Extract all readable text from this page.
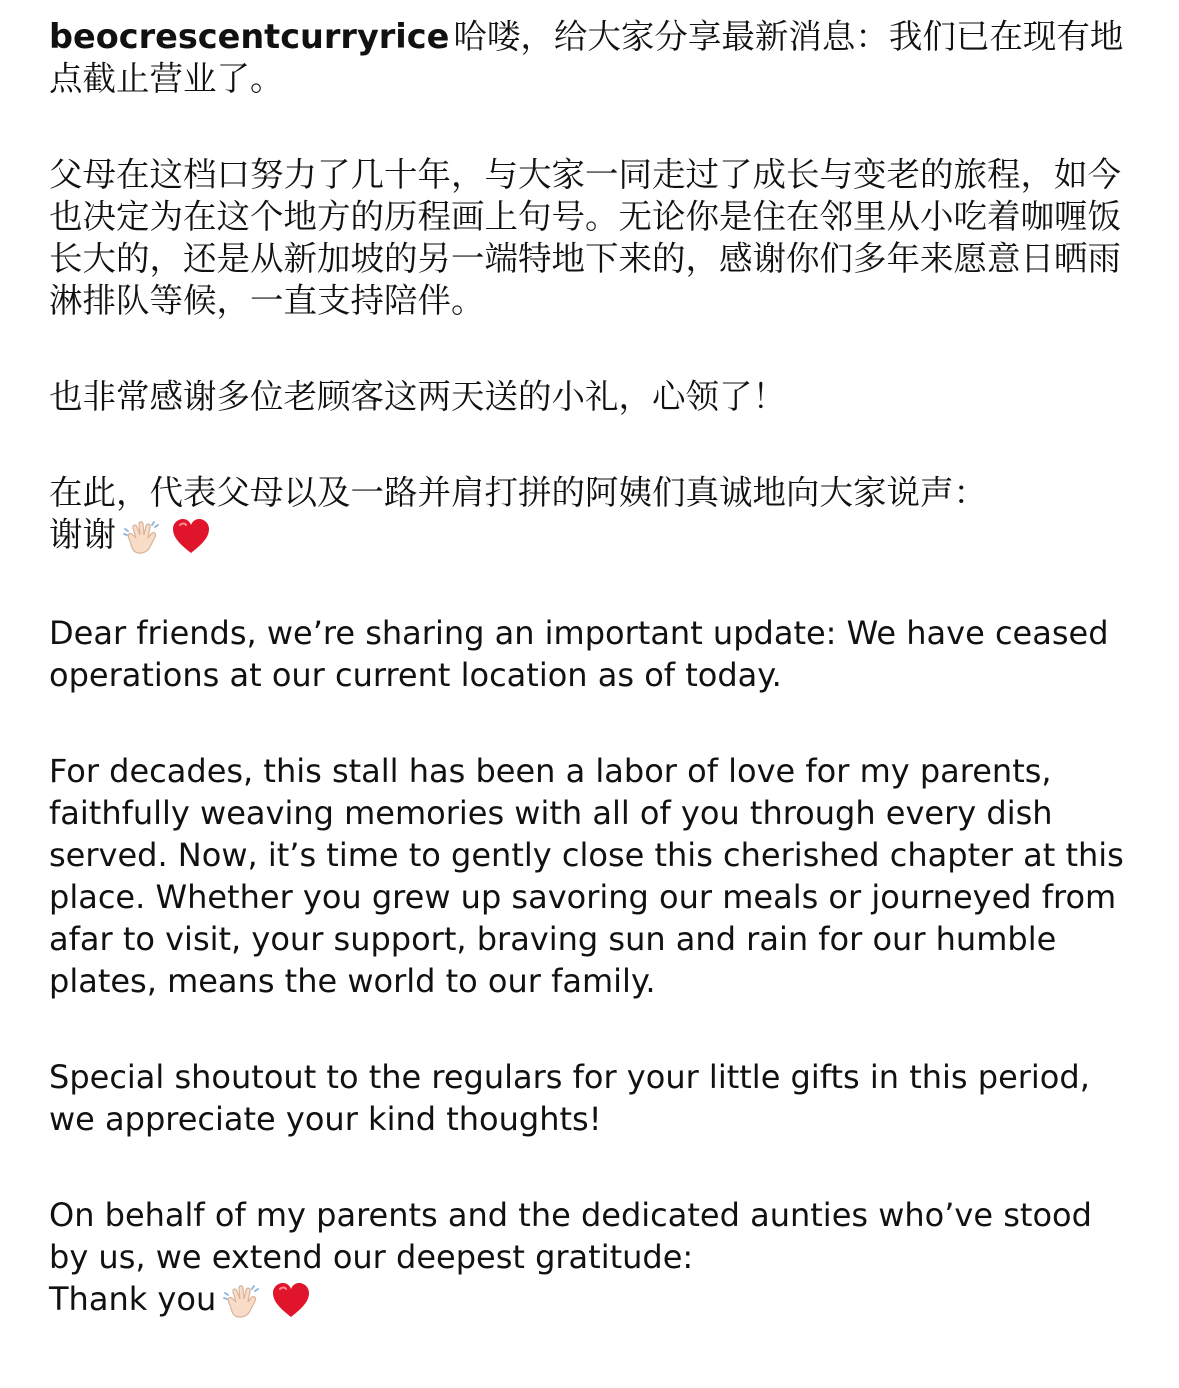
beocrescentcurryrice 哈喽，给大家分享最新消息：我们已在现有地点截止营业了。

父母在这档口努力了几十年，与大家一同走过了成长与变老的旅程，如今也决定为在这个地方的历程画上句号。无论你是住在邻里从小吃着咖喱饭长大的，还是从新加坡的另一端特地下来的，感谢你们多年来愿意日晒雨淋排队等候，一直支持陪伴。

也非常感谢多位老顾客这两天送的小礼，心领了！

在此，代表父母以及一路并肩打拼的阿姨们真诚地向大家说声：
谢谢

Dear friends, we’re sharing an important update: We have ceased operations at our current location as of today.

For decades, this stall has been a labor of love for my parents, faithfully weaving memories with all of you through every dish served. Now, it’s time to gently close this cherished chapter at this place. Whether you grew up savoring our meals or journeyed from afar to visit, your support, braving sun and rain for our humble plates, means the world to our family.

Special shoutout to the regulars for your little gifts in this period, we appreciate your kind thoughts!

On behalf of my parents and the dedicated aunties who’ve stood by us, we extend our deepest gratitude:
Thank you
